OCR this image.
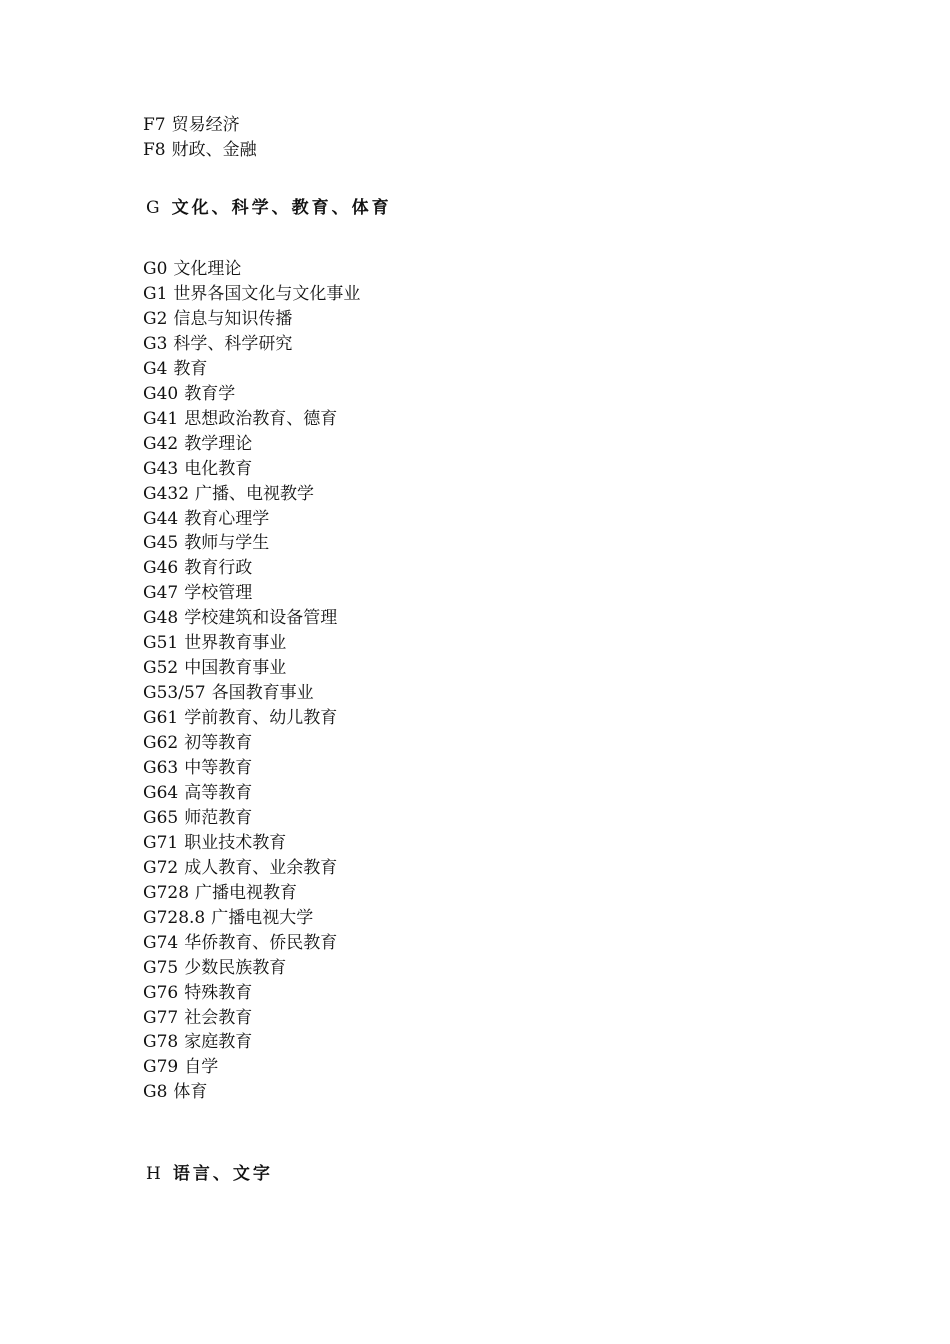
F7 贸易经济
F8 财政、金融
G 文化、科学、教育、体育
G0 文化理论
G1 世界各国文化与文化事业
G2 信息与知识传播
G3 科学、科学研究
G4 教育
G40 教育学
G41 思想政治教育、德育
G42 教学理论
G43 电化教育
G432 广播、电视教学
G44 教育心理学
G45 教师与学生
G46 教育行政
G47 学校管理
G48 学校建筑和设备管理
G51 世界教育事业
G52 中国教育事业
G53/57 各国教育事业
G61 学前教育、幼儿教育
G62 初等教育
G63 中等教育
G64 高等教育
G65 师范教育
G71 职业技术教育
G72 成人教育、业余教育
G728 广播电视教育
G728.8 广播电视大学
G74 华侨教育、侨民教育
G75 少数民族教育
G76 特殊教育
G77 社会教育
G78 家庭教育
G79 自学
G8 体育
H 语言、文字
